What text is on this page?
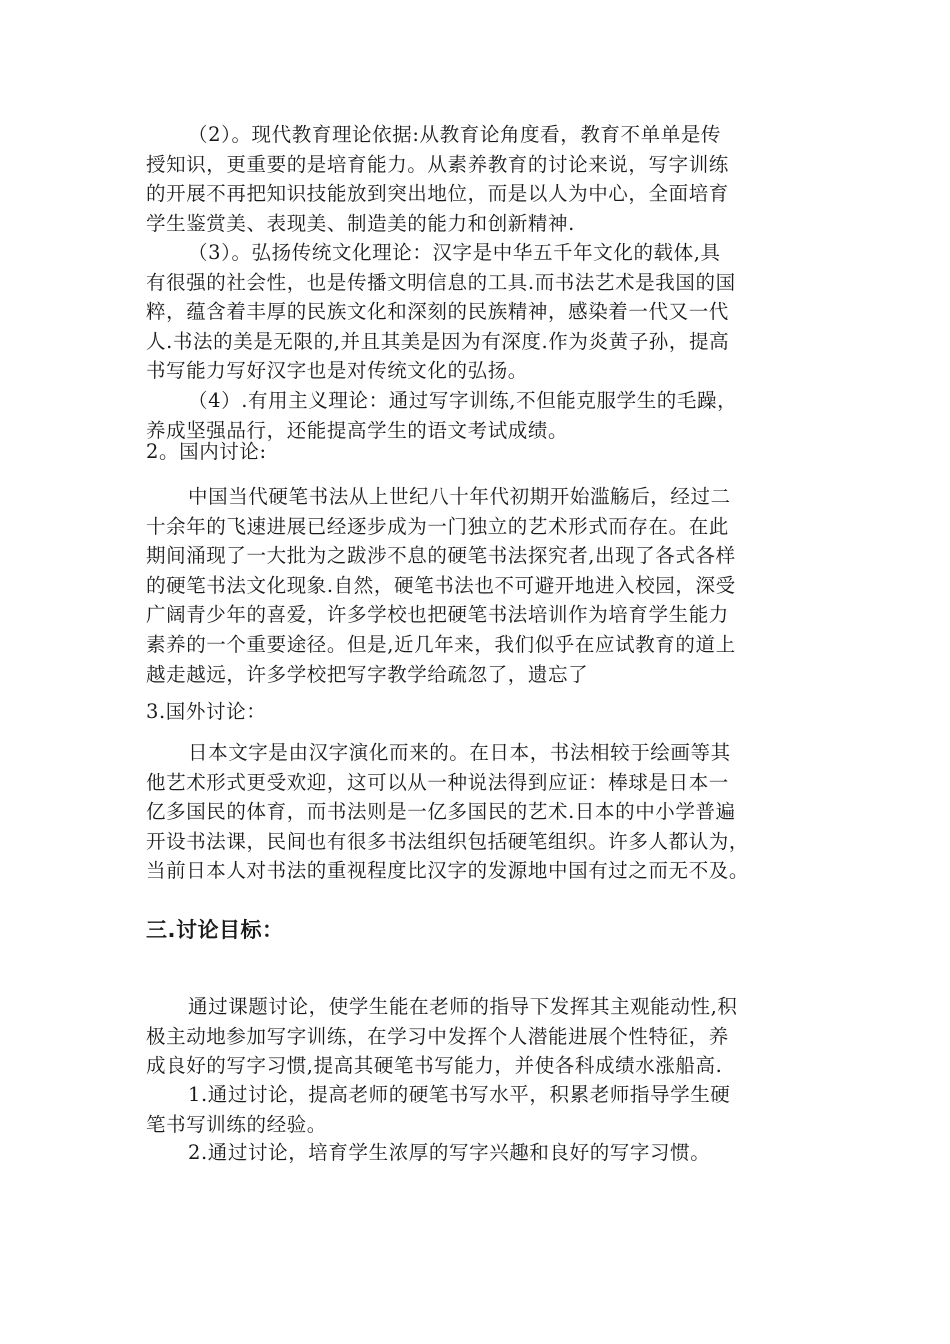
（2）。现代教育理论依据:从教育论角度看，教育不单单是传
授知识，更重要的是培育能力。从素养教育的讨论来说，写字训练
的开展不再把知识技能放到突出地位，而是以人为中心，全面培育
学生鉴赏美、表现美、制造美的能力和创新精神.
（3）。弘扬传统文化理论：汉字是中华五千年文化的载体,具
有很强的社会性，也是传播文明信息的工具.而书法艺术是我国的国
粹，蕴含着丰厚的民族文化和深刻的民族精神，感染着一代又一代
人.书法的美是无限的,并且其美是因为有深度.作为炎黄子孙，提高
书写能力写好汉字也是对传统文化的弘扬。
（4）.有用主义理论：通过写字训练,不但能克服学生的毛躁，
养成坚强品行，还能提高学生的语文考试成绩。
2。国内讨论:
中国当代硬笔书法从上世纪八十年代初期开始滥觞后，经过二
十余年的飞速进展已经逐步成为一门独立的艺术形式而存在。在此
期间涌现了一大批为之跋涉不息的硬笔书法探究者,出现了各式各样
的硬笔书法文化现象.自然，硬笔书法也不可避开地进入校园，深受
广阔青少年的喜爱，许多学校也把硬笔书法培训作为培育学生能力
素养的一个重要途径。但是,近几年来，我们似乎在应试教育的道上
越走越远，许多学校把写字教学给疏忽了，遗忘了
3.国外讨论：
日本文字是由汉字演化而来的。在日本，书法相较于绘画等其
他艺术形式更受欢迎，这可以从一种说法得到应证：棒球是日本一
亿多国民的体育，而书法则是一亿多国民的艺术.日本的中小学普遍
开设书法课，民间也有很多书法组织包括硬笔组织。许多人都认为，
当前日本人对书法的重视程度比汉字的发源地中国有过之而无不及。
三.讨论目标：
通过课题讨论，使学生能在老师的指导下发挥其主观能动性,积
极主动地参加写字训练，在学习中发挥个人潜能进展个性特征，养
成良好的写字习惯,提高其硬笔书写能力，并使各科成绩水涨船高.
1.通过讨论，提高老师的硬笔书写水平，积累老师指导学生硬
笔书写训练的经验。
2.通过讨论，培育学生浓厚的写字兴趣和良好的写字习惯。
